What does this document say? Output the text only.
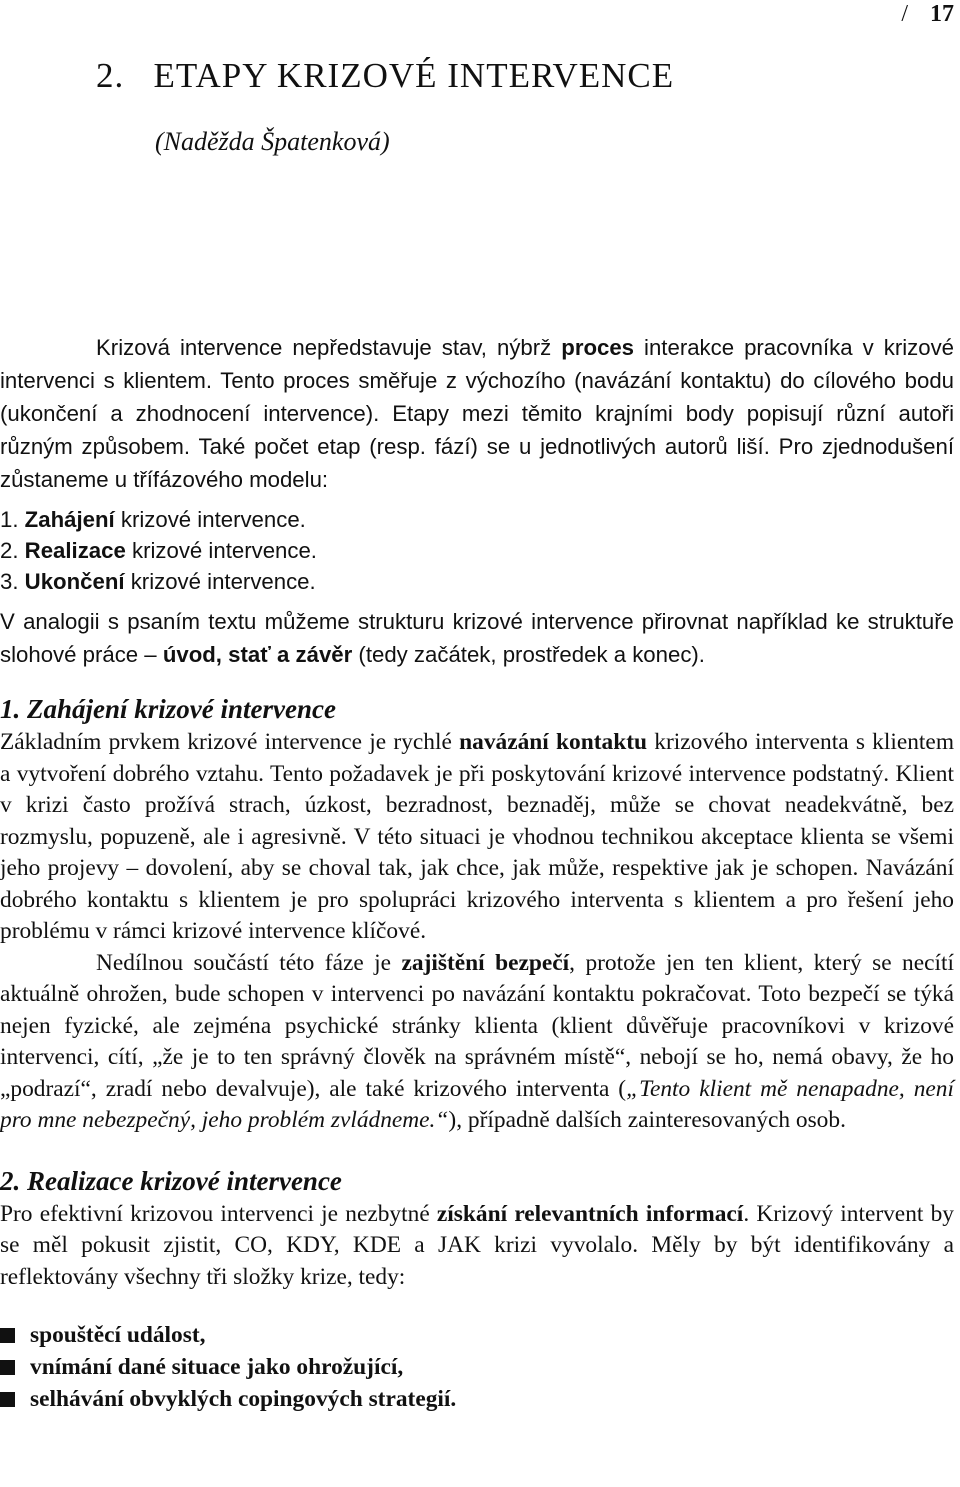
/ 17
2.   ETAPY KRIZOVÉ INTERVENCE
(Naděžda Špatenková)

Krizová intervence nepředstavuje stav, nýbrž proces interakce pracovníka v krizové intervenci s klientem. Tento proces směřuje z výchozího (navázání kontaktu) do cílového bodu (ukončení a zhodnocení intervence). Etapy mezi těmito krajními body popisují různí autoři různým způsobem. Také počet etap (resp. fází) se u jednotlivých autorů liší. Pro zjednodušení zůstaneme u třífázového modelu:

1. Zahájení krizové intervence.
2. Realizace krizové intervence.
3. Ukončení krizové intervence.

V analogii s psaním textu můžeme strukturu krizové intervence přirovnat například ke struktuře slohové práce – úvod, stať a závěr (tedy začátek, prostředek a konec).

1. Zahájení krizové intervence

Základním prvkem krizové intervence je rychlé navázání kontaktu krizového interventa s klientem a vytvoření dobrého vztahu. Tento požadavek je při poskytování krizové intervence podstatný. Klient v krizi často prožívá strach, úzkost, bezradnost, beznaděj, může se chovat neadekvátně, bez rozmyslu, popuzeně, ale i agresivně. V této situaci je vhodnou technikou akceptace klienta se všemi jeho projevy – dovolení, aby se choval tak, jak chce, jak může, respektive jak je schopen. Navázání dobrého kontaktu s klientem je pro spolupráci krizového interventa s klientem a pro řešení jeho problému v rámci krizové intervence klíčové.

Nedílnou součástí této fáze je zajištění bezpečí, protože jen ten klient, který se necítí aktuálně ohrožen, bude schopen v intervenci po navázání kontaktu pokračovat. Toto bezpečí se týká nejen fyzické, ale zejména psychické stránky klienta (klient důvěřuje pracovníkovi v krizové intervenci, cítí, „že je to ten správný člověk na správném místě“, nebojí se ho, nemá obavy, že ho „podrazí“, zradí nebo devalvuje), ale také krizového interventa („Tento klient mě nenapadne, není pro mne nebezpečný, jeho problém zvládneme.“), případně dalších zainteresovaných osob.

2. Realizace krizové intervence

Pro efektivní krizovou intervenci je nezbytné získání relevantních informací. Krizový intervent by se měl pokusit zjistit, CO, KDY, KDE a JAK krizi vyvolalo. Měly by být identifikovány a reflektovány všechny tři složky krize, tedy:

spouštěcí událost,
vnímání dané situace jako ohrožující,
selhávání obvyklých copingových strategií.
